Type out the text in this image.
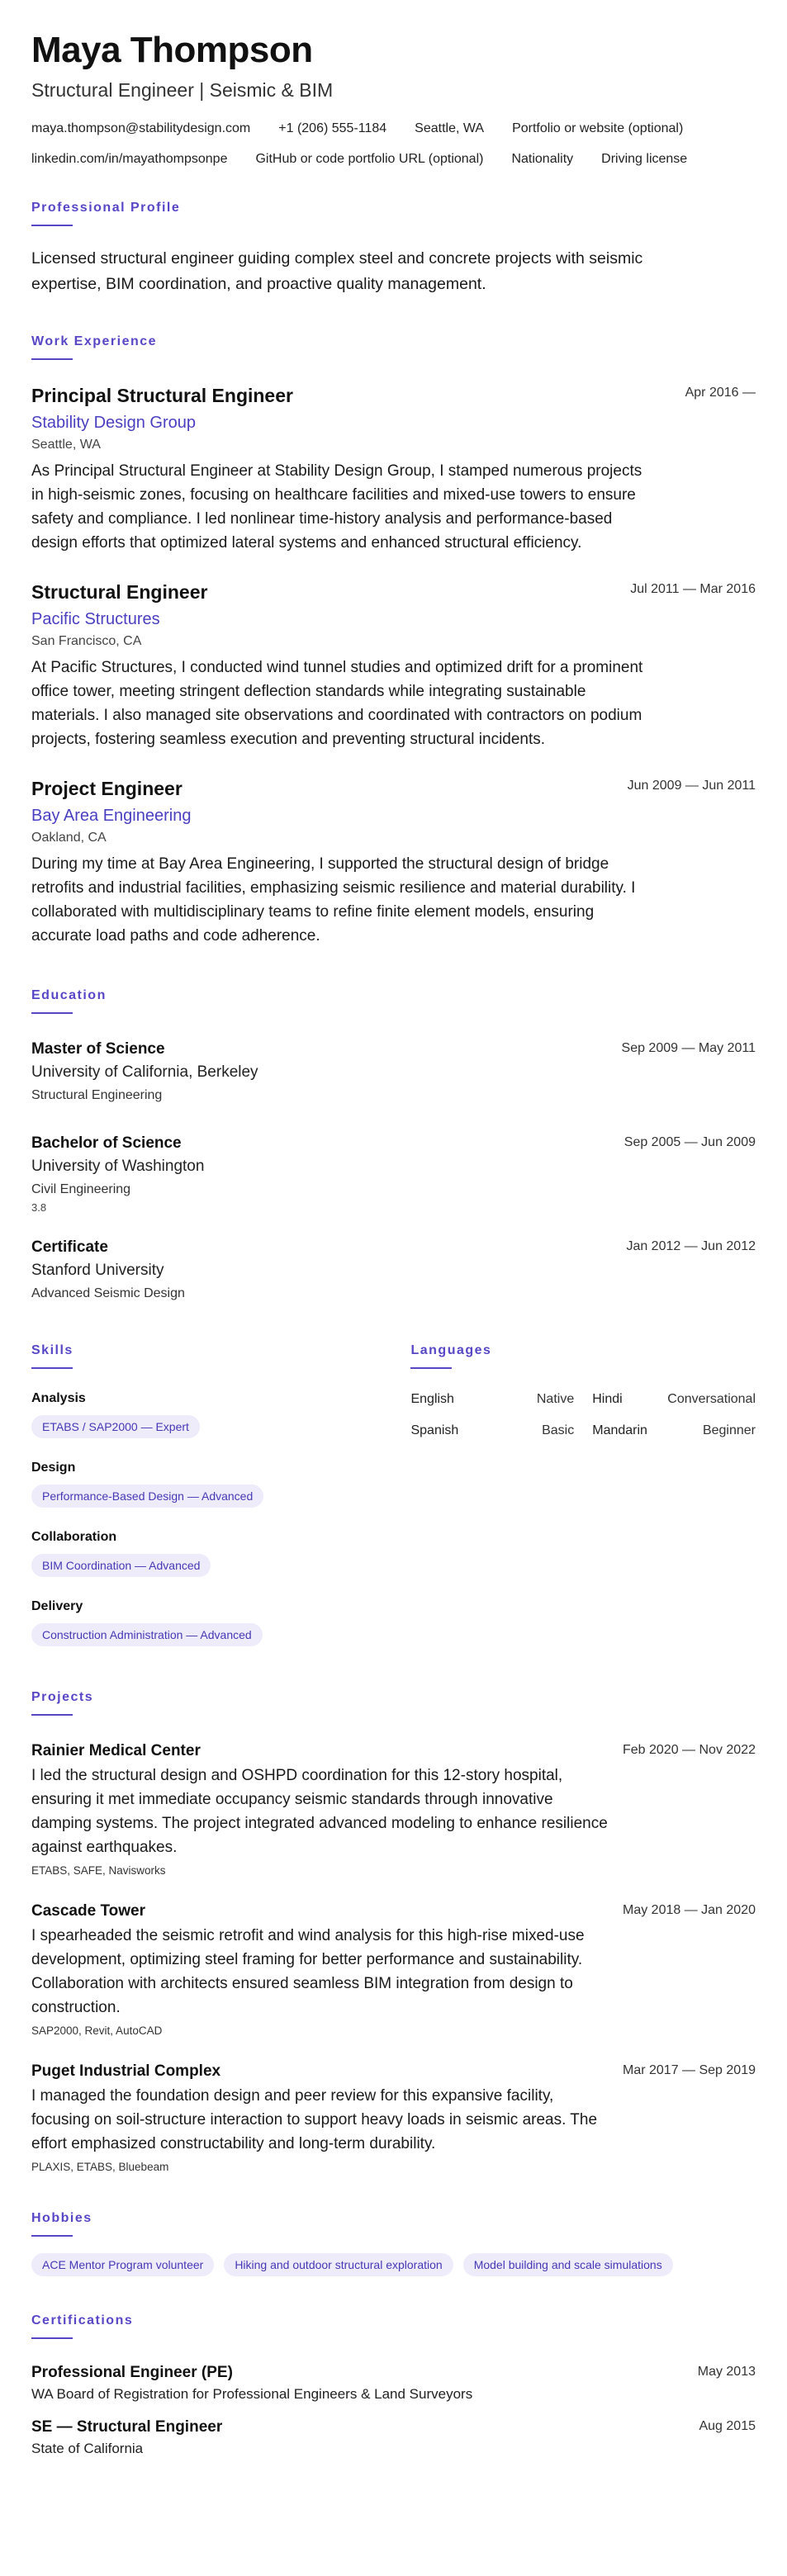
Maya Thompson
Structural Engineer | Seismic & BIM
maya.thompson@stabilitydesign.com +1 (206) 555-1184 Seattle, WA Portfolio or website (optional)
linkedin.com/in/mayathompsonpe GitHub or code portfolio URL (optional) Nationality Driving license
Professional Profile
Licensed structural engineer guiding complex steel and concrete projects with seismic expertise, BIM coordination, and proactive quality management.
Work Experience
Principal Structural Engineer	Apr 2016 —
Stability Design Group
Seattle, WA
As Principal Structural Engineer at Stability Design Group, I stamped numerous projects in high-seismic zones, focusing on healthcare facilities and mixed-use towers to ensure safety and compliance. I led nonlinear time-history analysis and performance-based design efforts that optimized lateral systems and enhanced structural efficiency.
Structural Engineer	Jul 2011 — Mar 2016
Pacific Structures
San Francisco, CA
At Pacific Structures, I conducted wind tunnel studies and optimized drift for a prominent office tower, meeting stringent deflection standards while integrating sustainable materials. I also managed site observations and coordinated with contractors on podium projects, fostering seamless execution and preventing structural incidents.
Project Engineer	Jun 2009 — Jun 2011
Bay Area Engineering
Oakland, CA
During my time at Bay Area Engineering, I supported the structural design of bridge retrofits and industrial facilities, emphasizing seismic resilience and material durability. I collaborated with multidisciplinary teams to refine finite element models, ensuring accurate load paths and code adherence.
Education
Master of Science	Sep 2009 — May 2011
University of California, Berkeley
Structural Engineering
Bachelor of Science	Sep 2005 — Jun 2009
University of Washington
Civil Engineering
3.8
Certificate	Jan 2012 — Jun 2012
Stanford University
Advanced Seismic Design
Skills
Analysis
ETABS / SAP2000 — Expert
Design
Performance-Based Design — Advanced
Collaboration
BIM Coordination — Advanced
Delivery
Construction Administration — Advanced
Languages
English	Native Hindi	Conversational
Spanish	Basic Mandarin	Beginner
Projects
Rainier Medical Center	Feb 2020 — Nov 2022
I led the structural design and OSHPD coordination for this 12-story hospital, ensuring it met immediate occupancy seismic standards through innovative damping systems. The project integrated advanced modeling to enhance resilience against earthquakes.
ETABS, SAFE, Navisworks
Cascade Tower	May 2018 — Jan 2020
I spearheaded the seismic retrofit and wind analysis for this high-rise mixed-use development, optimizing steel framing for better performance and sustainability. Collaboration with architects ensured seamless BIM integration from design to construction.
SAP2000, Revit, AutoCAD
Puget Industrial Complex	Mar 2017 — Sep 2019
I managed the foundation design and peer review for this expansive facility, focusing on soil-structure interaction to support heavy loads in seismic areas. The effort emphasized constructability and long-term durability.
PLAXIS, ETABS, Bluebeam
Hobbies
ACE Mentor Program volunteer	Hiking and outdoor structural exploration	Model building and scale simulations
Certifications
Professional Engineer (PE)	May 2013
WA Board of Registration for Professional Engineers & Land Surveyors
SE — Structural Engineer	Aug 2015
State of California
